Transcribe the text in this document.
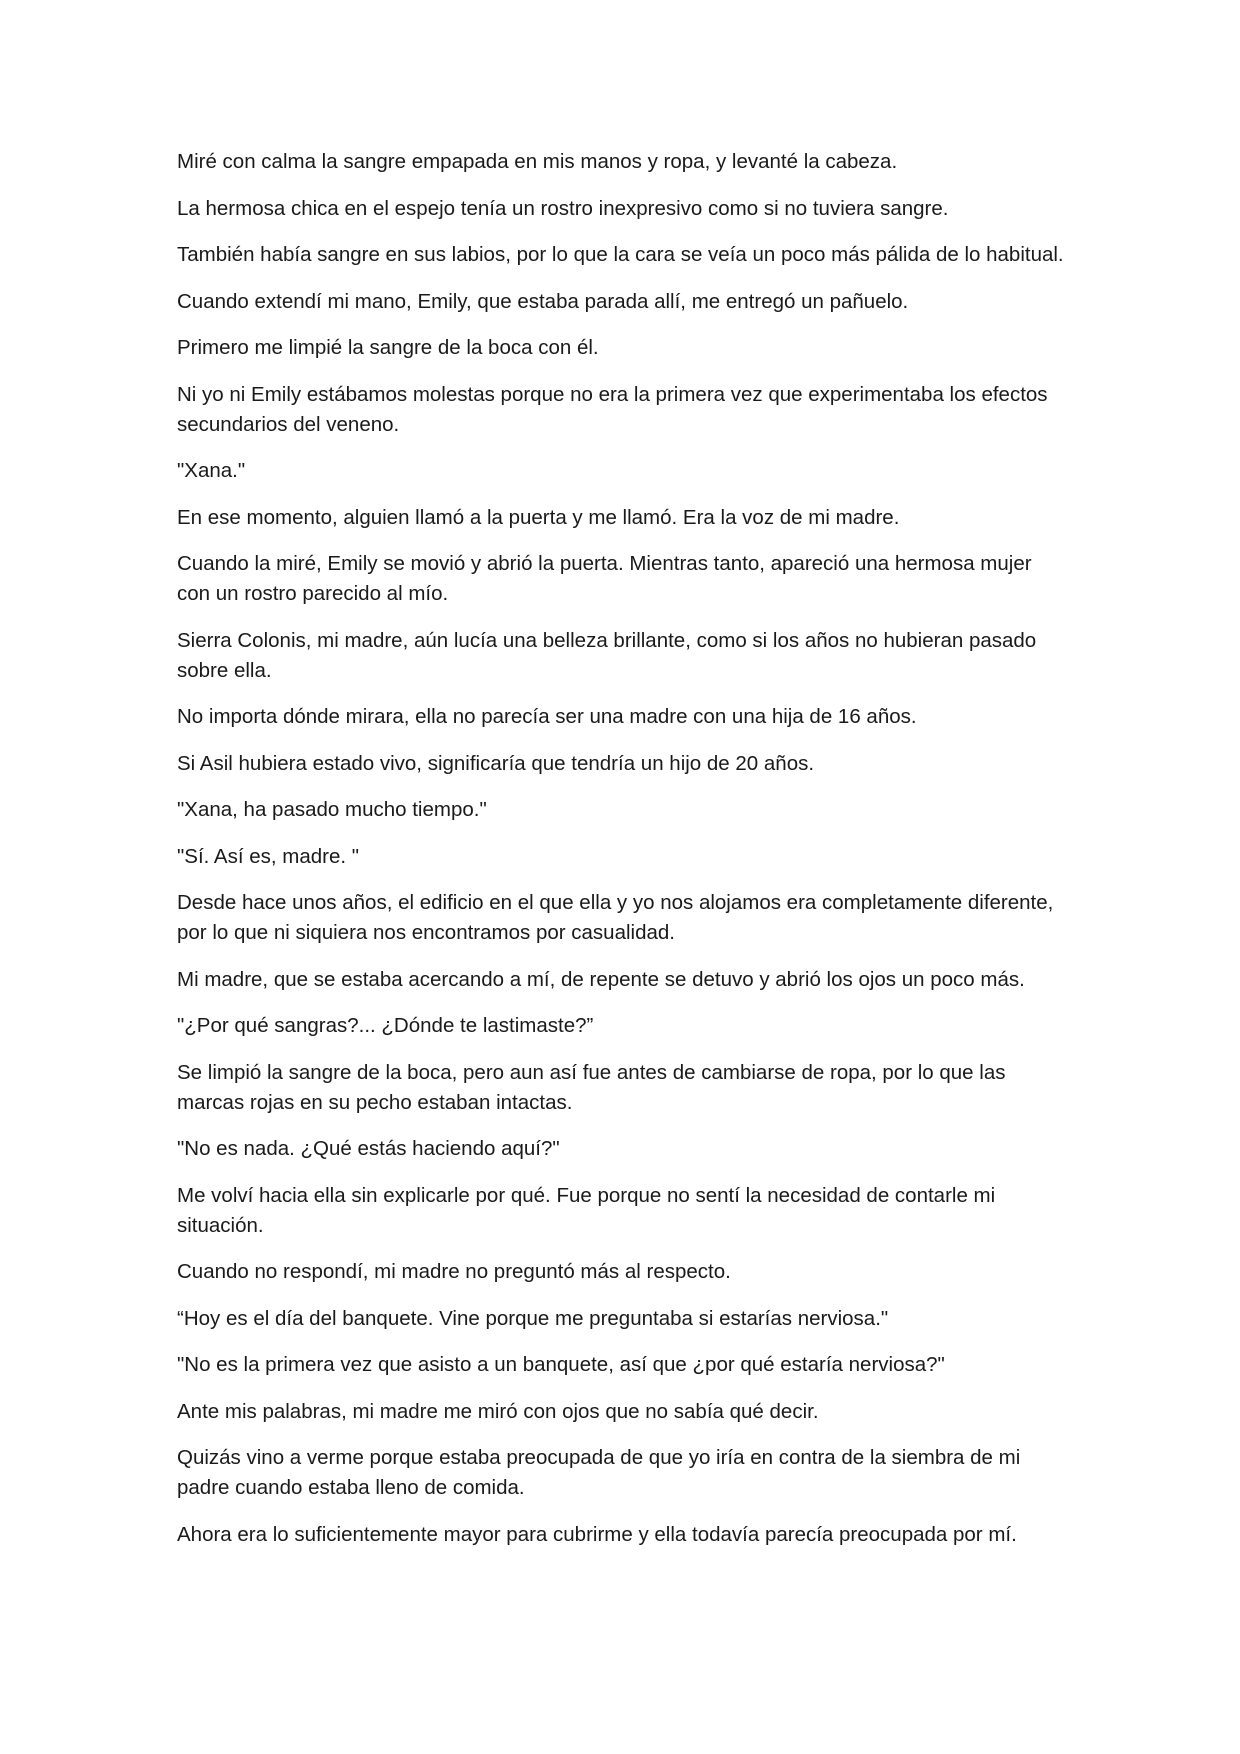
Miré con calma la sangre empapada en mis manos y ropa, y levanté la cabeza.

La hermosa chica en el espejo tenía un rostro inexpresivo como si no tuviera sangre.

También había sangre en sus labios, por lo que la cara se veía un poco más pálida de lo habitual.

Cuando extendí mi mano, Emily, que estaba parada allí, me entregó un pañuelo.

Primero me limpié la sangre de la boca con él.

Ni yo ni Emily estábamos molestas porque no era la primera vez que experimentaba los efectos secundarios del veneno.

"Xana."

En ese momento, alguien llamó a la puerta y me llamó. Era la voz de mi madre.

Cuando la miré, Emily se movió y abrió la puerta. Mientras tanto, apareció una hermosa mujer con un rostro parecido al mío.

Sierra Colonis, mi madre, aún lucía una belleza brillante, como si los años no hubieran pasado sobre ella.

No importa dónde mirara, ella no parecía ser una madre con una hija de 16 años.

Si Asil hubiera estado vivo, significaría que tendría un hijo de 20 años.

"Xana, ha pasado mucho tiempo."

"Sí. Así es, madre. "

Desde hace unos años, el edificio en el que ella y yo nos alojamos era completamente diferente, por lo que ni siquiera nos encontramos por casualidad.

Mi madre, que se estaba acercando a mí, de repente se detuvo y abrió los ojos un poco más.

"¿Por qué sangras?... ¿Dónde te lastimaste?”

Se limpió la sangre de la boca, pero aun así fue antes de cambiarse de ropa, por lo que las marcas rojas en su pecho estaban intactas.

"No es nada. ¿Qué estás haciendo aquí?"

Me volví hacia ella sin explicarle por qué. Fue porque no sentí la necesidad de contarle mi situación.

Cuando no respondí, mi madre no preguntó más al respecto.

“Hoy es el día del banquete. Vine porque me preguntaba si estarías nerviosa."

"No es la primera vez que asisto a un banquete, así que ¿por qué estaría nerviosa?"

Ante mis palabras, mi madre me miró con ojos que no sabía qué decir.

Quizás vino a verme porque estaba preocupada de que yo iría en contra de la siembra de mi padre cuando estaba lleno de comida.

Ahora era lo suficientemente mayor para cubrirme y ella todavía parecía preocupada por mí.
